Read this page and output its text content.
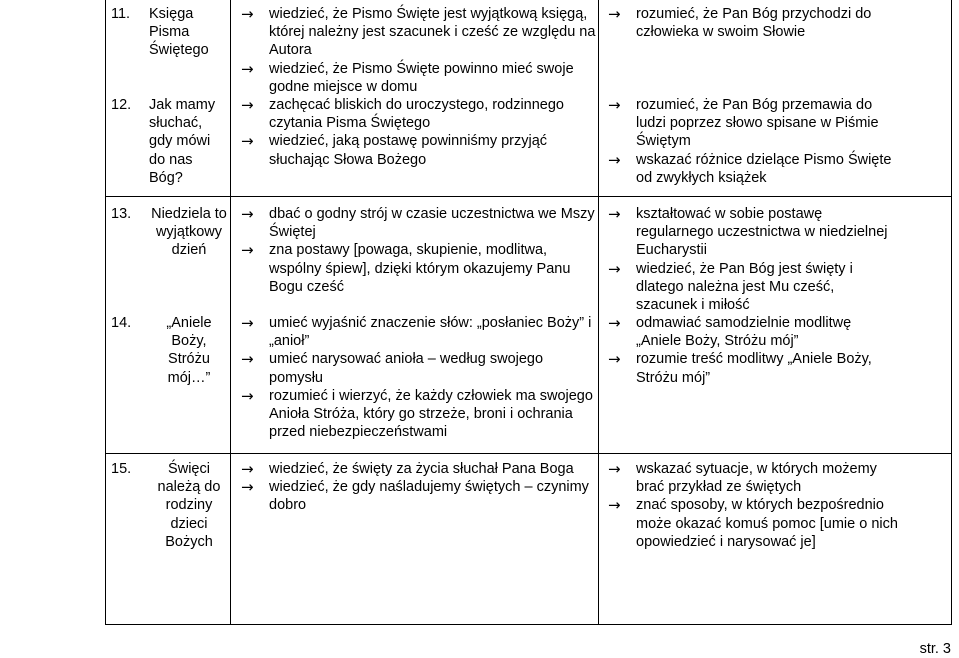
11. Księga Pisma Świętego
12. Jak mamy słuchać, gdy mówi do nas Bóg?
→ wiedzieć, że Pismo Święte jest wyjątkową księgą, której należny jest szacunek i cześć ze względu na Autora
→ wiedzieć, że Pismo Święte powinno mieć swoje godne miejsce w domu
→ zachęcać bliskich do uroczystego, rodzinnego czytania Pisma Świętego
→ wiedzieć, jaką postawę powinniśmy przyjąć słuchając Słowa Bożego
→ rozumieć, że Pan Bóg przychodzi do człowieka w swoim Słowie
→ rozumieć, że Pan Bóg przemawia do ludzi poprzez słowo spisane w Piśmie Świętym
→ wskazać różnice dzielące Pismo Święte od zwykłych książek
13. Niedziela to wyjątkowy dzień
14.	„Aniele Boży, Stróżu mój…”
→ dbać o godny strój w czasie uczestnictwa we Mszy Świętej
→ zna postawy [powaga, skupienie, modlitwa, wspólny śpiew], dzięki którym okazujemy Panu Bogu cześć
→ umieć wyjaśnić znaczenie słów: „posłaniec Boży” i „anioł”
→ umieć narysować anioła – według swojego pomysłu
→ rozumieć i wierzyć, że każdy człowiek ma swojego Anioła Stróża, który go strzeże, broni i ochrania przed niebezpieczeństwami
→ kształtować w sobie postawę regularnego uczestnictwa w niedzielnej Eucharystii
→ wiedzieć, że Pan Bóg jest święty i dlatego należna jest Mu cześć, szacunek i miłość
→ odmawiać samodzielnie modlitwę „Aniele Boży, Stróżu mój”
→ rozumie treść modlitwy „Aniele Boży, Stróżu mój”
15.	Święci należą do rodziny dzieci Bożych
→ wiedzieć, że święty za życia słuchał Pana Boga
→ wiedzieć, że gdy naśladujemy świętych – czynimy dobro
→ wskazać sytuacje, w których możemy brać przykład ze świętych
→ znać sposoby, w których bezpośrednio może okazać komuś pomoc [umie o nich opowiedzieć i narysować je]
str. 3
